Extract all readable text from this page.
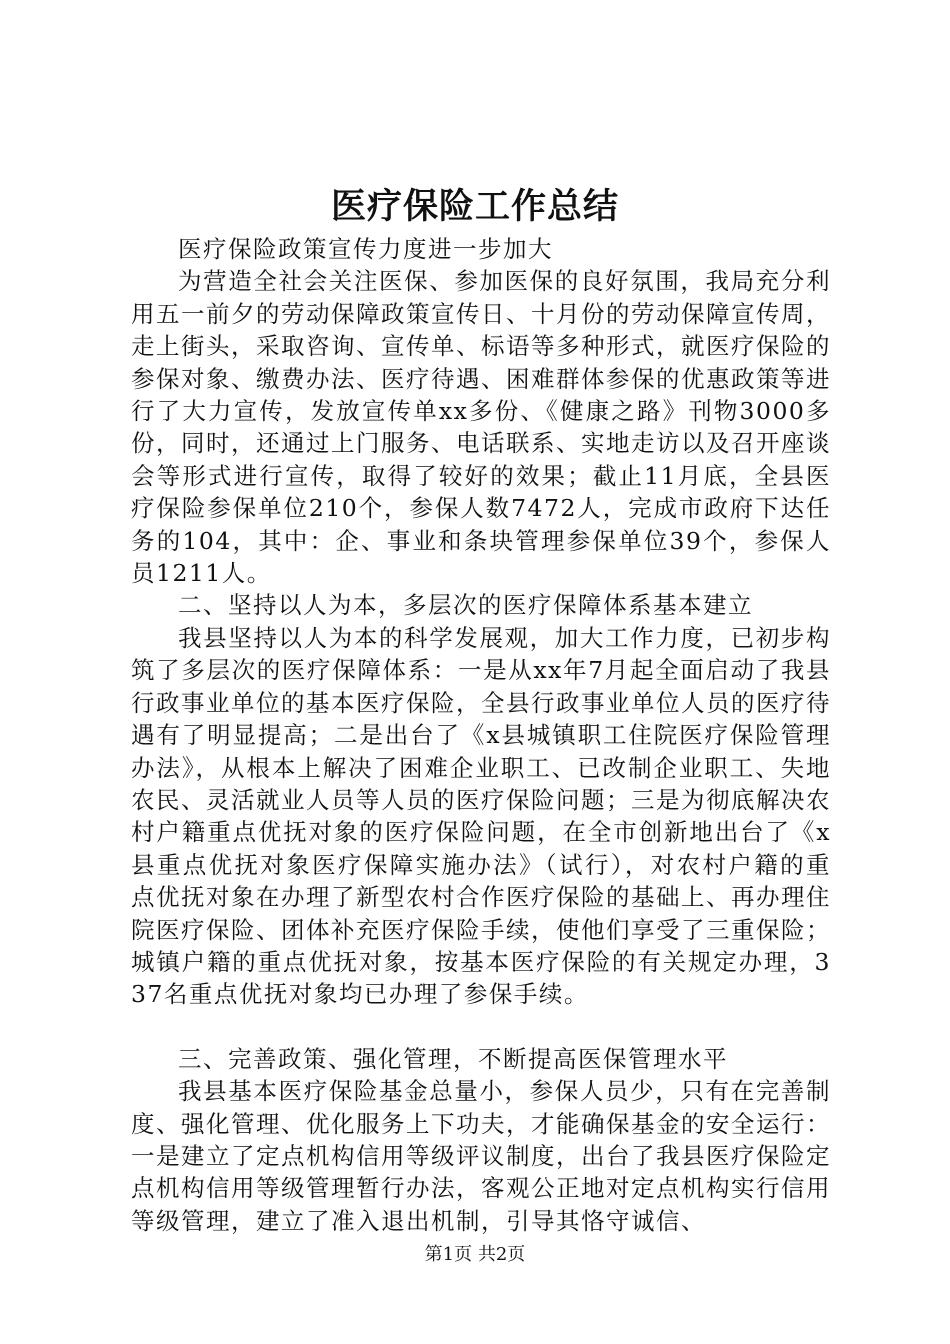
医疗保险工作总结

医疗保险政策宣传力度进一步加大

为营造全社会关注医保、参加医保的良好氛围，我局充分利用五一前夕的劳动保障政策宣传日、十月份的劳动保障宣传周，走上街头，采取咨询、宣传单、标语等多种形式，就医疗保险的参保对象、缴费办法、医疗待遇、困难群体参保的优惠政策等进行了大力宣传，发放宣传单xx多份、《健康之路》刊物3000多份，同时，还通过上门服务、电话联系、实地走访以及召开座谈会等形式进行宣传，取得了较好的效果；截止11月底，全县医疗保险参保单位210个，参保人数7472人，完成市政府下达任务的104，其中：企、事业和条块管理参保单位39个，参保人员1211人。

二、坚持以人为本，多层次的医疗保障体系基本建立

我县坚持以人为本的科学发展观，加大工作力度，已初步构筑了多层次的医疗保障体系：一是从xx年7月起全面启动了我县行政事业单位的基本医疗保险，全县行政事业单位人员的医疗待遇有了明显提高；二是出台了《x县城镇职工住院医疗保险管理办法》，从根本上解决了困难企业职工、已改制企业职工、失地农民、灵活就业人员等人员的医疗保险问题；三是为彻底解决农村户籍重点优抚对象的医疗保险问题，在全市创新地出台了《x县重点优抚对象医疗保障实施办法》（试行），对农村户籍的重点优抚对象在办理了新型农村合作医疗保险的基础上、再办理住院医疗保险、团体补充医疗保险手续，使他们享受了三重保险；城镇户籍的重点优抚对象，按基本医疗保险的有关规定办理，337名重点优抚对象均已办理了参保手续。

三、完善政策、强化管理，不断提高医保管理水平

我县基本医疗保险基金总量小，参保人员少，只有在完善制度、强化管理、优化服务上下功夫，才能确保基金的安全运行：一是建立了定点机构信用等级评议制度，出台了我县医疗保险定点机构信用等级管理暂行办法，客观公正地对定点机构实行信用等级管理，建立了准入退出机制，引导其恪守诚信、

第1页 共2页
